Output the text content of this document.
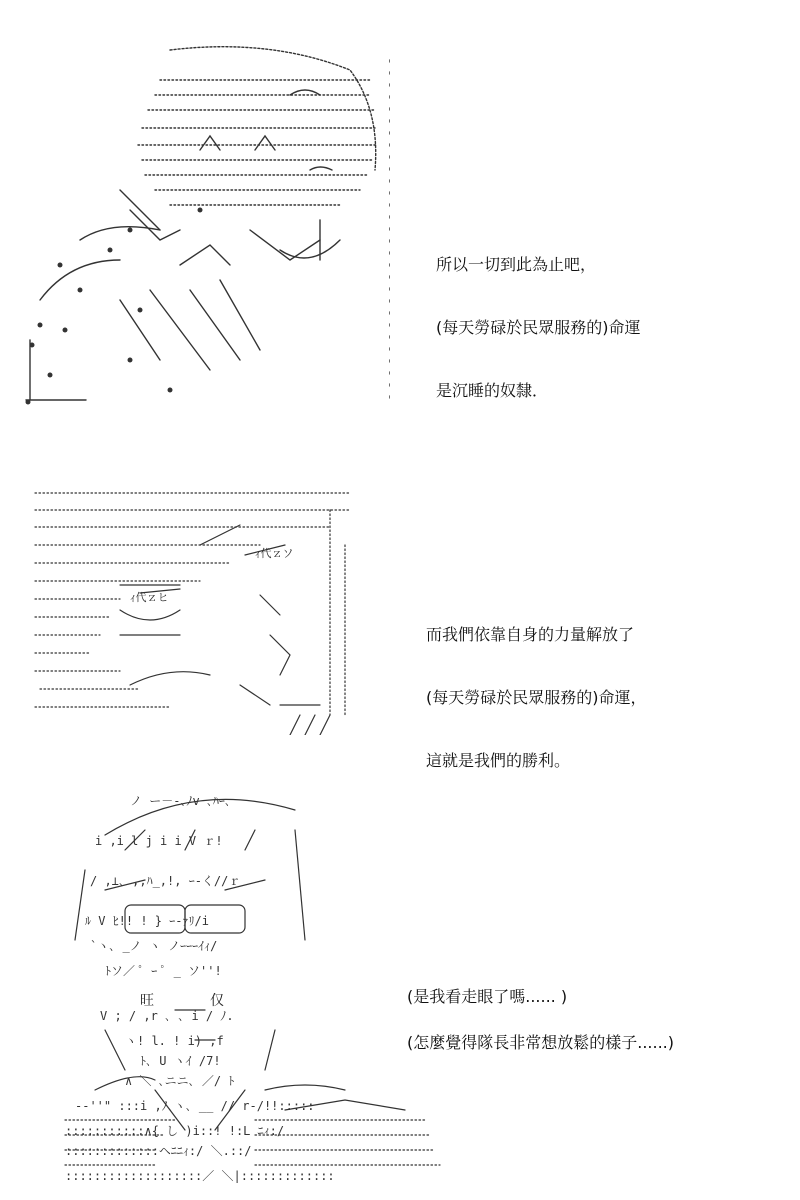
所以一切到此為止吧，

(每天勞碌於民眾服務的)命運

是沉睡的奴隸．

ｨ代ｚソ
ｨ代ｚヒ

而我們依靠自身的力量解放了

(每天勞碌於民眾服務的)命運，

這就是我們的勝利。

ノ ー－-､ﾉv ､ﾊｰ､
i ,i l j i i V ｒ!
/ ,⊥､ ,,ﾊ_,!, ｰ-く//ｒ
ﾙ V ﾋ!! ! } ｰ-ｧﾘ/i
`ヽ､ _ノ ヽ ノｰｰｰｲｨ/
ﾄソ／ ﾟ ｰ ﾟ _ ソ''!
V ; / ,r ､ ､ i / ﾉ.
ヽ! l. ! i) ,f
ﾄ､ U ヽｲ /7!
∧ ＼ ､ニニ､ ／/ ﾄ
--''" :::i ,ﾉ､ヽ､ __ // r-/!!:::::
:::::::::::∧{ し )i::! !:L ﾆｨ:/
:::::::::::::ヘﾆﾆｨ:/ ＼.::/
:::::::::::::::::::／ ＼|:::::::::::::
旺	仅

	(是我看走眼了嗎...... )

(怎麼覺得隊長非常想放鬆的樣子......)
